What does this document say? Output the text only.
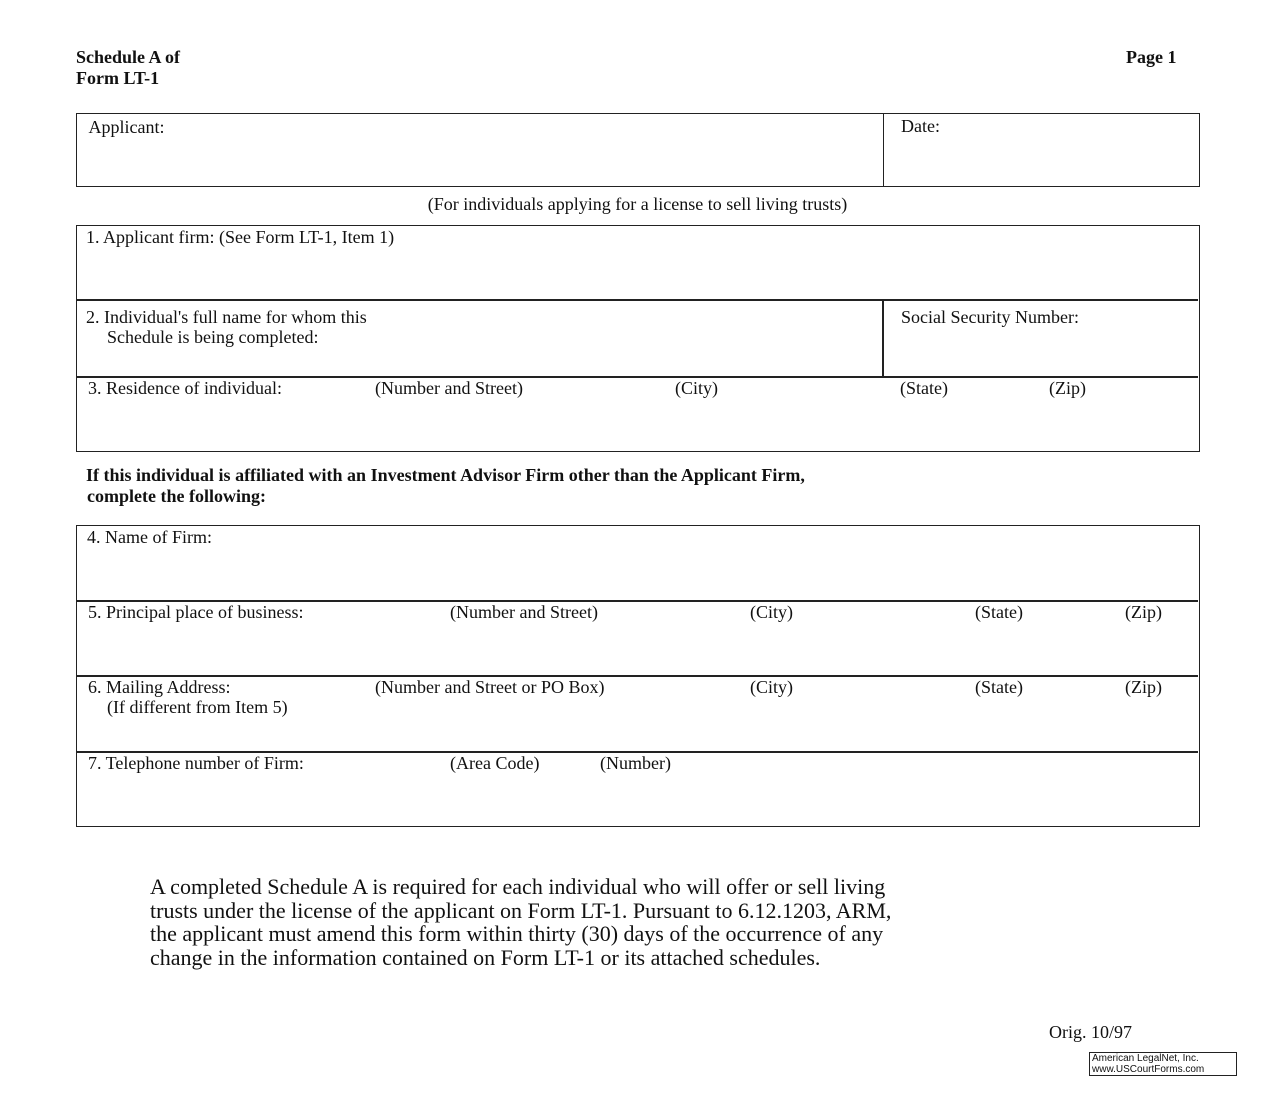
Schedule A of
Form LT-1
Page 1
Applicant:	Date:
(For individuals applying for a license to sell living trusts)
1. Applicant firm: (See Form LT-1, Item 1)
2. Individual's full name for whom this
Schedule is being completed:
Social Security Number:
3. Residence of individual:	(Number and Street)	(City)	(State)	(Zip)
If this individual is affiliated with an Investment Advisor Firm other than the Applicant Firm,
complete the following:
4. Name of Firm:
5. Principal place of business:	(Number and Street)	(City)	(State)	(Zip)
6. Mailing Address:
(If different from Item 5)
(Number and Street or PO Box)	(City)	(State)	(Zip)
7. Telephone number of Firm:	(Area Code)	(Number)
A completed Schedule A is required for each individual who will offer or sell living
trusts under the license of the applicant on Form LT-1. Pursuant to 6.12.1203, ARM,
the applicant must amend this form within thirty (30) days of the occurrence of any
change in the information contained on Form LT-1 or its attached schedules.
Orig. 10/97
American LegalNet, Inc.
www.USCourtForms.com
